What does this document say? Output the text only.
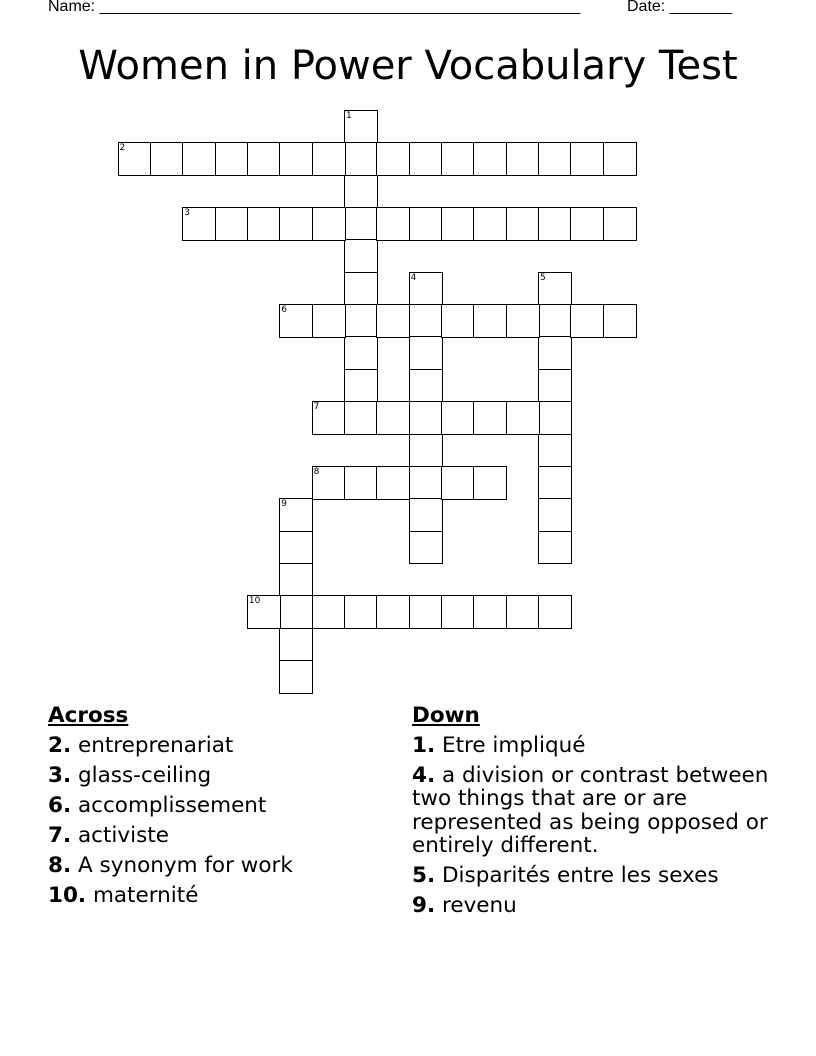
Name: ______________________________________________________	Date: _______
Women in Power Vocabulary Test
1
2
3
4	5
6
7
8
9
10
Across
2. entreprenariat
3. glass-ceiling
6. accomplissement
7. activiste
8. A synonym for work
10. maternité
Down
1. Etre impliqué
4. a division or contrast between two things that are or are represented as being opposed or entirely different.
5. Disparités entre les sexes
9. revenu
